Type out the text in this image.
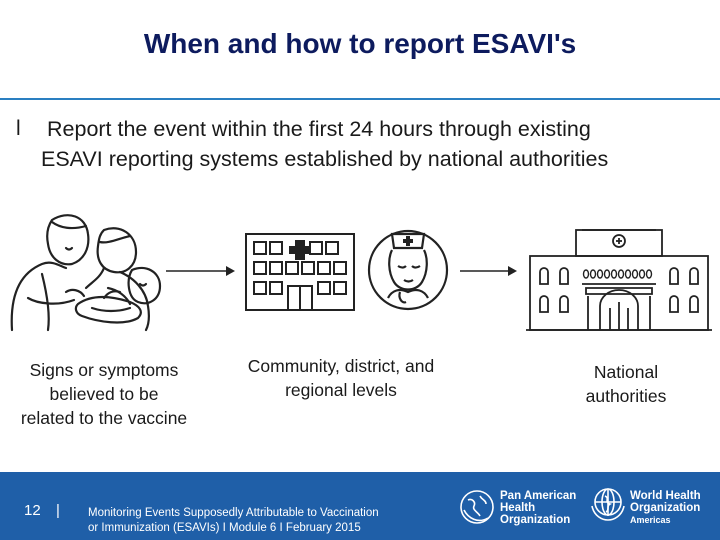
When and how to report ESAVI's
l Report the event within the first 24 hours through existing
ESAVI reporting systems established by national authorities
Signs or symptoms
believed to be
related to the vaccine
Community, district, and
regional levels
National
authorities
12 | Monitoring Events Supposedly Attributable to Vaccination
or Immunization (ESAVIs) I Module 6 I February 2015
Pan American
Health
Organization
World Health
Organization
Americas
